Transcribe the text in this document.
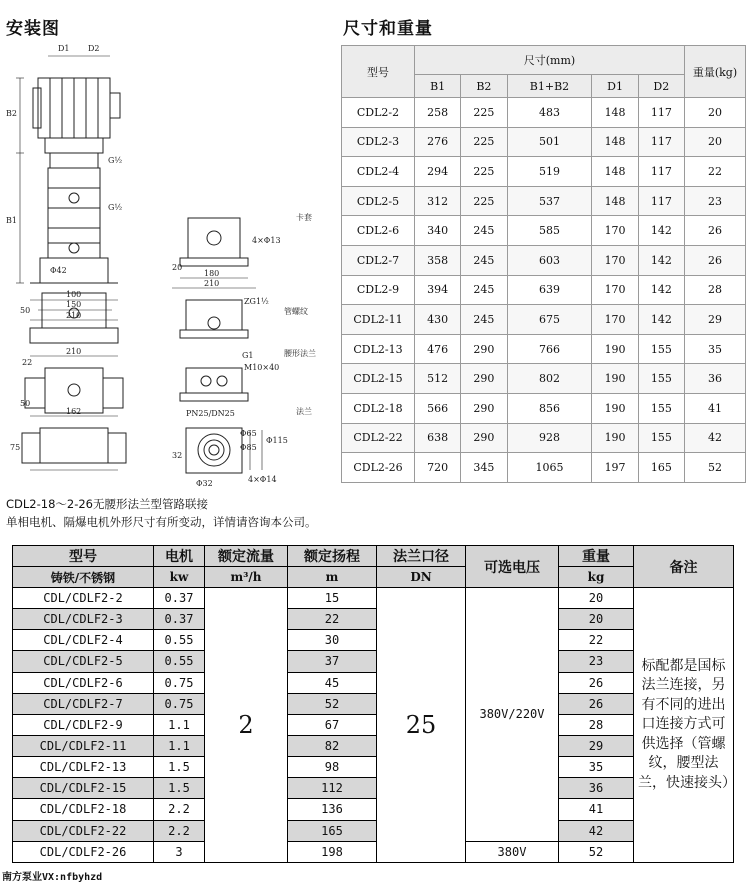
安装图	尺寸和重量
D1 D2
B2
B1
G½
G½
Φ42
100
150
210
50
210
22
50
162
75
4×Φ13
卡套
20
180
210
ZG1½
管螺纹
G1
M10×40
腰形法兰
PN25/DN25	法兰
32
Φ32
Φ65
Φ85
Φ115
4×Φ14
型号	尺寸(mm)					重量(kg)
	B1	B2	B1+B2	D1	D2	
CDL2-2	258	225	483	148	117	20
CDL2-3	276	225	501	148	117	20
CDL2-4	294	225	519	148	117	22
CDL2-5	312	225	537	148	117	23
CDL2-6	340	245	585	170	142	26
CDL2-7	358	245	603	170	142	26
CDL2-9	394	245	639	170	142	28
CDL2-11	430	245	675	170	142	29
CDL2-13	476	290	766	190	155	35
CDL2-15	512	290	802	190	155	36
CDL2-18	566	290	856	190	155	41
CDL2-22	638	290	928	190	155	42
CDL2-26	720	345	1065	197	165	52
CDL2-18～2-26无腰形法兰型管路联接
单相电机、隔爆电机外形尺寸有所变动，详情请咨询本公司。
型号	电机	额定流量	额定扬程	法兰口径	可选电压	重量	备注
铸铁/不锈钢	kw	m³/h	m	DN		kg	
CDL/CDLF2-2	0.37	2	15	25	380V/220V	20	标配都是国标法兰连接，另有不同的进出口连接方式可供选择（管螺纹，腰型法兰，快速接头）
CDL/CDLF2-3	0.37		22			20	
CDL/CDLF2-4	0.55		30			22	
CDL/CDLF2-5	0.55		37			23	
CDL/CDLF2-6	0.75		45			26	
CDL/CDLF2-7	0.75		52			26	
CDL/CDLF2-9	1.1		67			28	
CDL/CDLF2-11	1.1		82			29	
CDL/CDLF2-13	1.5		98			35	
CDL/CDLF2-15	1.5		112			36	
CDL/CDLF2-18	2.2		136			41	
CDL/CDLF2-22	2.2		165			42	
CDL/CDLF2-26	3		198		380V	52	
南方泵业VX:nfbyhzd
